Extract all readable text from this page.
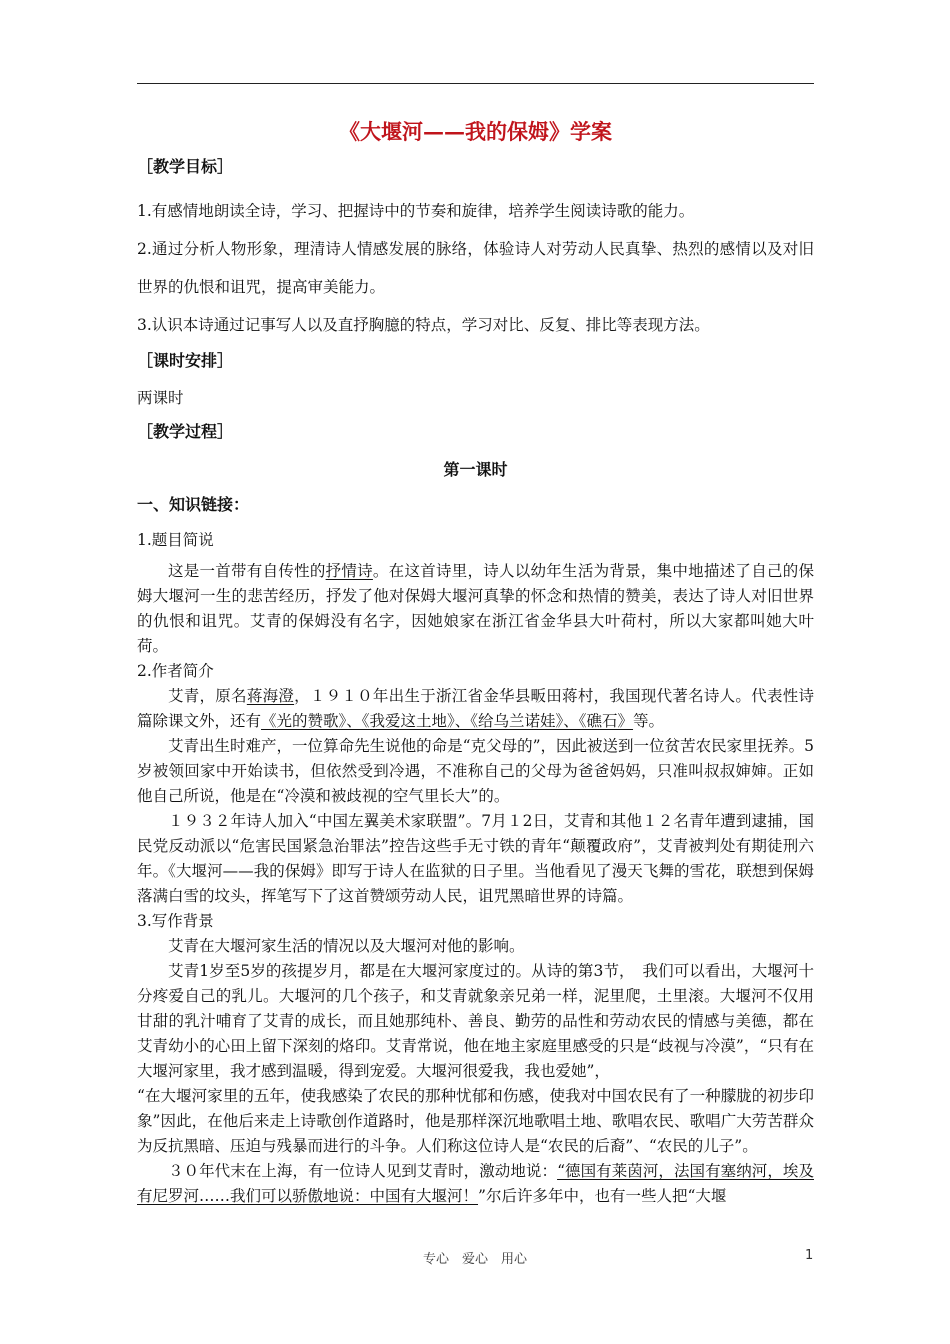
《大堰河——我的保姆》学案
［教学目标］

1.有感情地朗读全诗，学习、把握诗中的节奏和旋律，培养学生阅读诗歌的能力。

2.通过分析人物形象，理清诗人情感发展的脉络，体验诗人对劳动人民真挚、热烈的感情以及对旧世界的仇恨和诅咒，提高审美能力。

3.认识本诗通过记事写人以及直抒胸臆的特点，学习对比、反复、排比等表现方法。

［课时安排］

两课时

［教学过程］
第一课时
一、知识链接：

1.题目简说

这是一首带有自传性的抒情诗。在这首诗里，诗人以幼年生活为背景，集中地描述了自己的保姆大堰河一生的悲苦经历，抒发了他对保姆大堰河真挚的怀念和热情的赞美，表达了诗人对旧世界的仇恨和诅咒。艾青的保姆没有名字，因她娘家在浙江省金华县大叶荷村，所以大家都叫她大叶荷。

2.作者简介

艾青，原名蒋海澄，１９１０年出生于浙江省金华县畈田蒋村，我国现代著名诗人。代表性诗篇除课文外，还有《光的赞歌》、《我爱这土地》、《给乌兰诺娃》、《礁石》等。

艾青出生时难产，一位算命先生说他的命是“克父母的”，因此被送到一位贫苦农民家里抚养。5岁被领回家中开始读书，但依然受到冷遇，不准称自己的父母为爸爸妈妈，只准叫叔叔婶婶。正如他自己所说，他是在“冷漠和被歧视的空气里长大”的。

１９３２年诗人加入“中国左翼美术家联盟”。7月１2日，艾青和其他１２名青年遭到逮捕，国民党反动派以“危害民国紧急治罪法”控告这些手无寸铁的青年“颠覆政府”，艾青被判处有期徒刑六年。《大堰河——我的保姆》即写于诗人在监狱的日子里。当他看见了漫天飞舞的雪花，联想到保姆落满白雪的坟头，挥笔写下了这首赞颂劳动人民，诅咒黑暗世界的诗篇。

3.写作背景

艾青在大堰河家生活的情况以及大堰河对他的影响。

艾青1岁至5岁的孩提岁月，都是在大堰河家度过的。从诗的第3节，　我们可以看出，大堰河十分疼爱自己的乳儿。大堰河的几个孩子，和艾青就象亲兄弟一样，泥里爬，土里滚。大堰河不仅用甘甜的乳汁哺育了艾青的成长，而且她那纯朴、善良、勤劳的品性和劳动农民的情感与美德，都在艾青幼小的心田上留下深刻的烙印。艾青常说，他在地主家庭里感受的只是“歧视与冷漠”，“只有在大堰河家里，我才感到温暖，得到宠爱。大堰河很爱我，我也爱她”，

“在大堰河家里的五年，使我感染了农民的那种忧郁和伤感，使我对中国农民有了一种朦胧的初步印象”因此，在他后来走上诗歌创作道路时，他是那样深沉地歌唱土地、歌唱农民、歌唱广大劳苦群众为反抗黑暗、压迫与残暴而进行的斗争。人们称这位诗人是“农民的后裔”、“农民的儿子”。

３０年代末在上海，有一位诗人见到艾青时，激动地说：“德国有莱茵河，法国有塞纳河，埃及有尼罗河……我们可以骄傲地说：中国有大堰河！”尔后许多年中，也有一些人把“大堰

专心　爱心　用心	1
